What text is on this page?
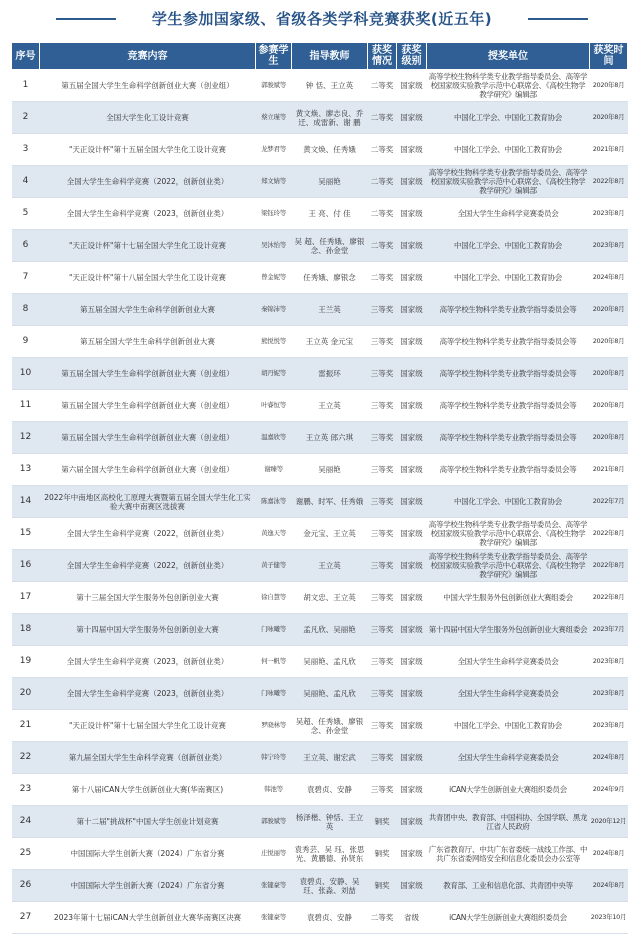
学生参加国家级、省级各类学科竞赛获奖(近五年)
序号	竞赛内容	参赛学生	指导教师	获奖情况	获奖级别	授奖单位	获奖时间
1	第五届全国大学生生命科学创新创业大赛（创业组）	郭骏斌等	钟 恬、王立英	二等奖	国家级	高等学校生物科学类专业教学指导委员会、高等学校国家级实验教学示范中心联席会、《高校生物学教学研究》编辑部	2020年8月
2	全国大学生化工设计竞赛	蔡立瑾等	黄文焕、廖志良、乔 迁、成雷新、谢 鹏	二等奖	国家级	中国化工学会、中国化工教育协会	2020年8月
3	"天正设计杯"第十五届全国大学生化工设计竞赛	龙梦君等	黄文焕、任秀娥	二等奖	国家级	中国化工学会、中国化工教育协会	2021年8月
4	全国大学生生命科学竞赛（2022，创新创业类）	郑文婧等	吴丽艳	二等奖	国家级	高等学校生物科学类专业教学指导委员会、高等学校国家级实验教学示范中心联席会、《高校生物学教学研究》编辑部	2022年8月
5	全国大学生生命科学竞赛（2023，创新创业类）	梁钰玲等	王 亮、付 佳	二等奖	国家级	全国大学生生命科学竞赛委员会	2023年8月
6	"天正设计杯"第十七届全国大学生化工设计竞赛	吴沐怡等	吴 超、任秀娥、廖银念、孙金堂	二等奖	国家级	中国化工学会、中国化工教育协会	2023年8月
7	"天正设计杯"第十八届全国大学生化工设计竞赛	曾金妮等	任秀娥、廖银念	二等奖	国家级	中国化工学会、中国化工教育协会	2024年8月
8	第五届全国大学生生命科学创新创业大赛	秦锦沛等	王兰英	三等奖	国家级	高等学校生物科学类专业教学指导委员会等	2020年8月
9	第五届全国大学生生命科学创新创业大赛	熊悦悦等	王立英 金元宝	三等奖	国家级	高等学校生物科学类专业教学指导委员会等	2020年8月
10	第五届全国大学生生命科学创新创业大赛（创业组）	胡丹妮等	雷振环	三等奖	国家级	高等学校生物科学类专业教学指导委员会等	2020年8月
11	第五届全国大学生生命科学创新创业大赛（创业组）	叶睿恒等	王立英	三等奖	国家级	高等学校生物科学类专业教学指导委员会等	2020年8月
12	第五届全国大学生生命科学创新创业大赛（创业组）	温嘉欣等	王立英 郎六琪	三等奖	国家级	高等学校生物科学类专业教学指导委员会等	2020年8月
13	第六届全国大学生生命科学创新创业大赛（创业组）	谢臻等	吴丽艳	三等奖	国家级	高等学校生物科学类专业教学指导委员会等	2021年8月
14	2022年中南地区高校化工原理大赛暨第五届全国大学生化工实验大赛中南赛区选拔赛	陈嘉泳等	谢鹏、时军、任秀娥	三等奖	国家级	中国化工学会、中国化工教育协会	2022年7月
15	全国大学生生命科学竞赛（2022，创新创业类）	黄逸天等	金元宝、王立英	三等奖	国家级	高等学校生物科学类专业教学指导委员会、高等学校国家级实验教学示范中心联席会、《高校生物学教学研究》编辑部	2022年8月
16	全国大学生生命科学竞赛（2022，创新创业类）	黄子健等	王立英	三等奖	国家级	高等学校生物科学类专业教学指导委员会、高等学校国家级实验教学示范中心联席会、《高校生物学教学研究》编辑部	2022年8月
17	第十三届全国大学生服务外包创新创业大赛	徐自慧等	胡文忠、王立英	三等奖	国家级	中国大学生服务外包创新创业大赛组委会	2022年8月
18	第十四届中国大学生服务外包创新创业大赛	门咏曦等	孟凡欣、吴丽艳	三等奖	国家级	第十四届中国大学生服务外包创新创业大赛组委会	2023年7月
19	全国大学生生命科学竞赛（2023，创新创业类）	何一帆等	吴丽艳、孟凡欣	三等奖	国家级	全国大学生生命科学竞赛委员会	2023年8月
20	全国大学生生命科学竞赛（2023，创新创业类）	门咏曦等	吴丽艳、孟凡欣	三等奖	国家级	全国大学生生命科学竞赛委员会	2023年8月
21	"天正设计杯"第十七届全国大学生化工设计竞赛	罗晓林等	吴超、任秀娥、廖银念、孙金堂	三等奖	国家级	中国化工学会、中国化工教育协会	2023年8月
22	第九届全国大学生生命科学竞赛（创新创业类）	韩宁玲等	王立英、谢宏武	三等奖	国家级	全国大学生生命科学竞赛委员会	2024年8月
23	第十八届iCAN大学生创新创业大赛(华南赛区)	韩池等	袁碧贞、安静	三等奖	国家级	iCAN大学生创新创业大赛组织委员会	2024年9月
24	第十二届"挑战杯"中国大学生创业计划竞赛	郭骏斌等	杨泽楷、钟恬、王立英	铜奖	国家级	共青团中央、教育部、中国科协、全国学联、黑龙江省人民政府	2020年12月
25	中国国际大学生创新大赛（2024）广东省分赛	庄悦丽等	袁秀芸、吴 珏、张思光、黄鹏德、孙贤东	铜奖	国家级	广东省教育厅、中共广东省委统一战线工作部、中共广东省委网络安全和信息化委员会办公室等	2024年8月
26	中国国际大学生创新大赛（2024）广东省分赛	张键豪等	袁碧贞、安静、吴玨、张淼、刘喆	铜奖	国家级	教育部、工业和信息化部、共青团中央等	2024年8月
27	2023年第十七届iCAN大学生创新创业大赛华南赛区决赛	张键豪等	袁碧贞、安静	二等奖	省级	iCAN大学生创新创业大赛组织委员会	2023年10月
